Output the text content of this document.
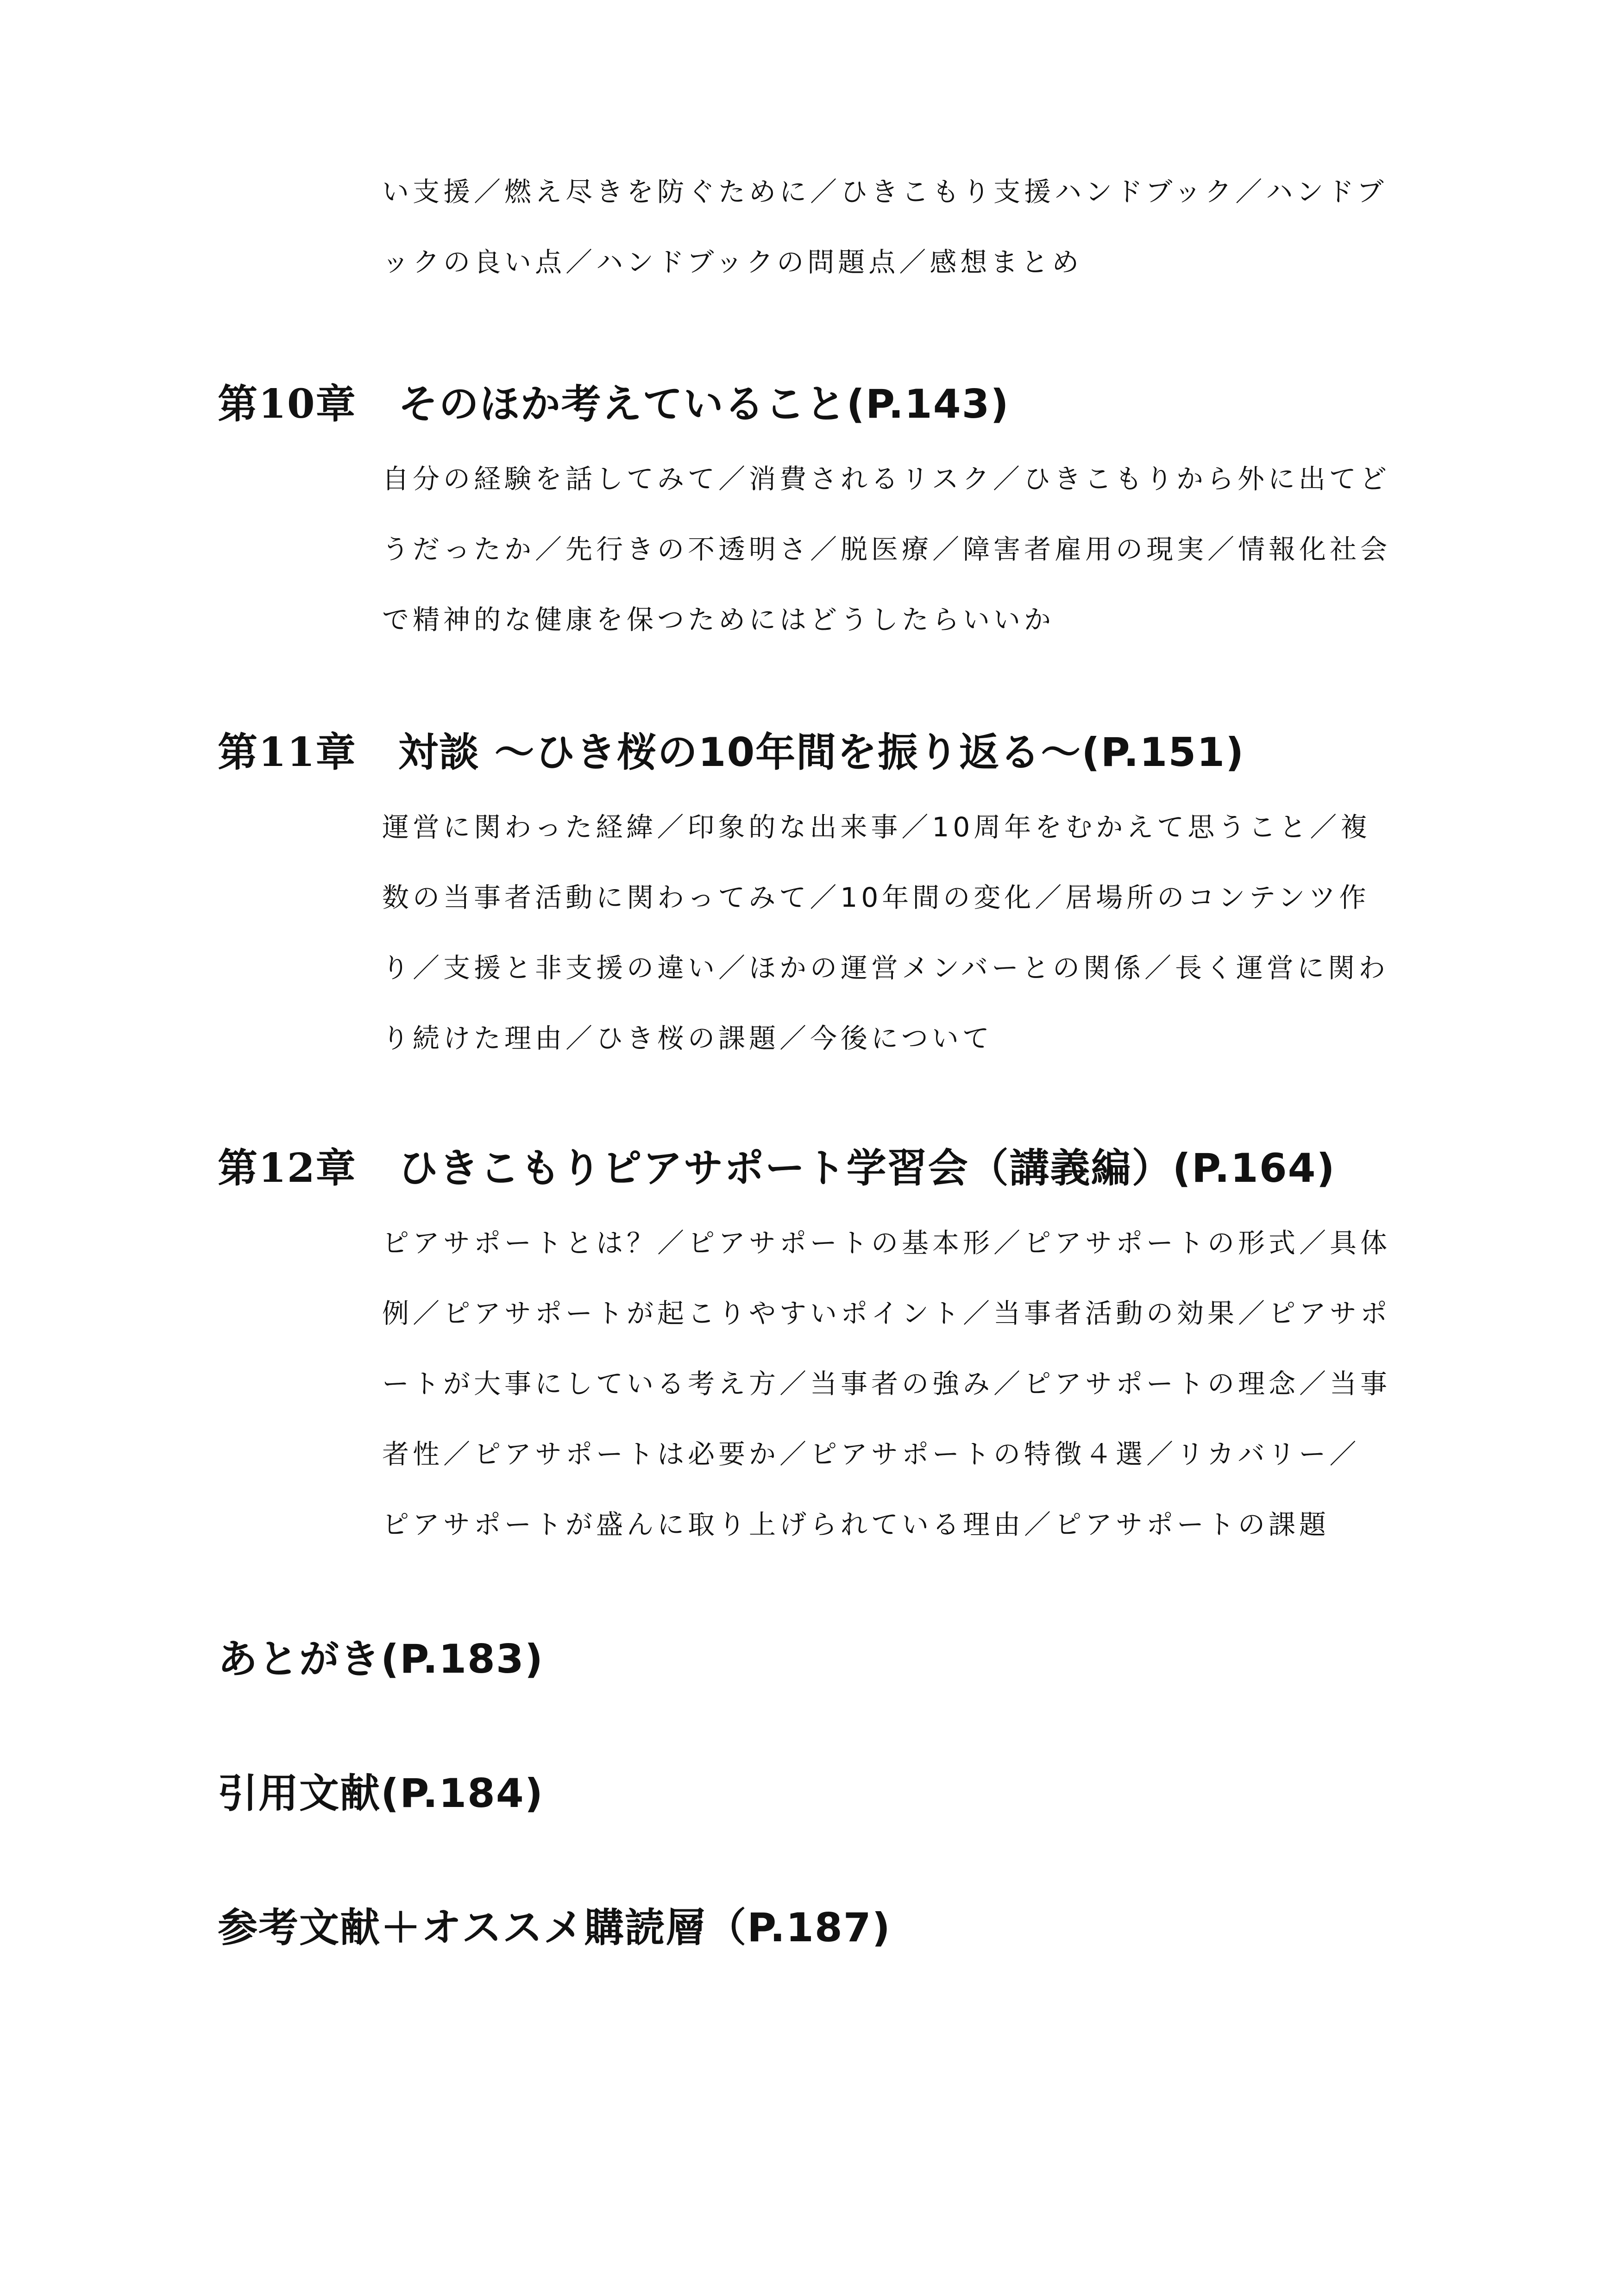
い支援／燃え尽きを防ぐために／ひきこもり支援ハンドブック／ハンドブ
ックの良い点／ハンドブックの問題点／感想まとめ
第10章 そのほか考えていること(P.143)
自分の経験を話してみて／消費されるリスク／ひきこもりから外に出てど
うだったか／先行きの不透明さ／脱医療／障害者雇用の現実／情報化社会
で精神的な健康を保つためにはどうしたらいいか
第11章 対談 ～ひき桜の10年間を振り返る～(P.151)
運営に関わった経緯／印象的な出来事／10周年をむかえて思うこと／複
数の当事者活動に関わってみて／10年間の変化／居場所のコンテンツ作
り／支援と非支援の違い／ほかの運営メンバーとの関係／長く運営に関わ
り続けた理由／ひき桜の課題／今後について
第12章 ひきこもりピアサポート学習会（講義編）(P.164)
ピアサポートとは？／ピアサポートの基本形／ピアサポートの形式／具体
例／ピアサポートが起こりやすいポイント／当事者活動の効果／ピアサポ
ートが大事にしている考え方／当事者の強み／ピアサポートの理念／当事
者性／ピアサポートは必要か／ピアサポートの特徴４選／リカバリー／
ピアサポートが盛んに取り上げられている理由／ピアサポートの課題
あとがき(P.183)
引用文献(P.184)
参考文献＋オススメ購読層（P.187)
